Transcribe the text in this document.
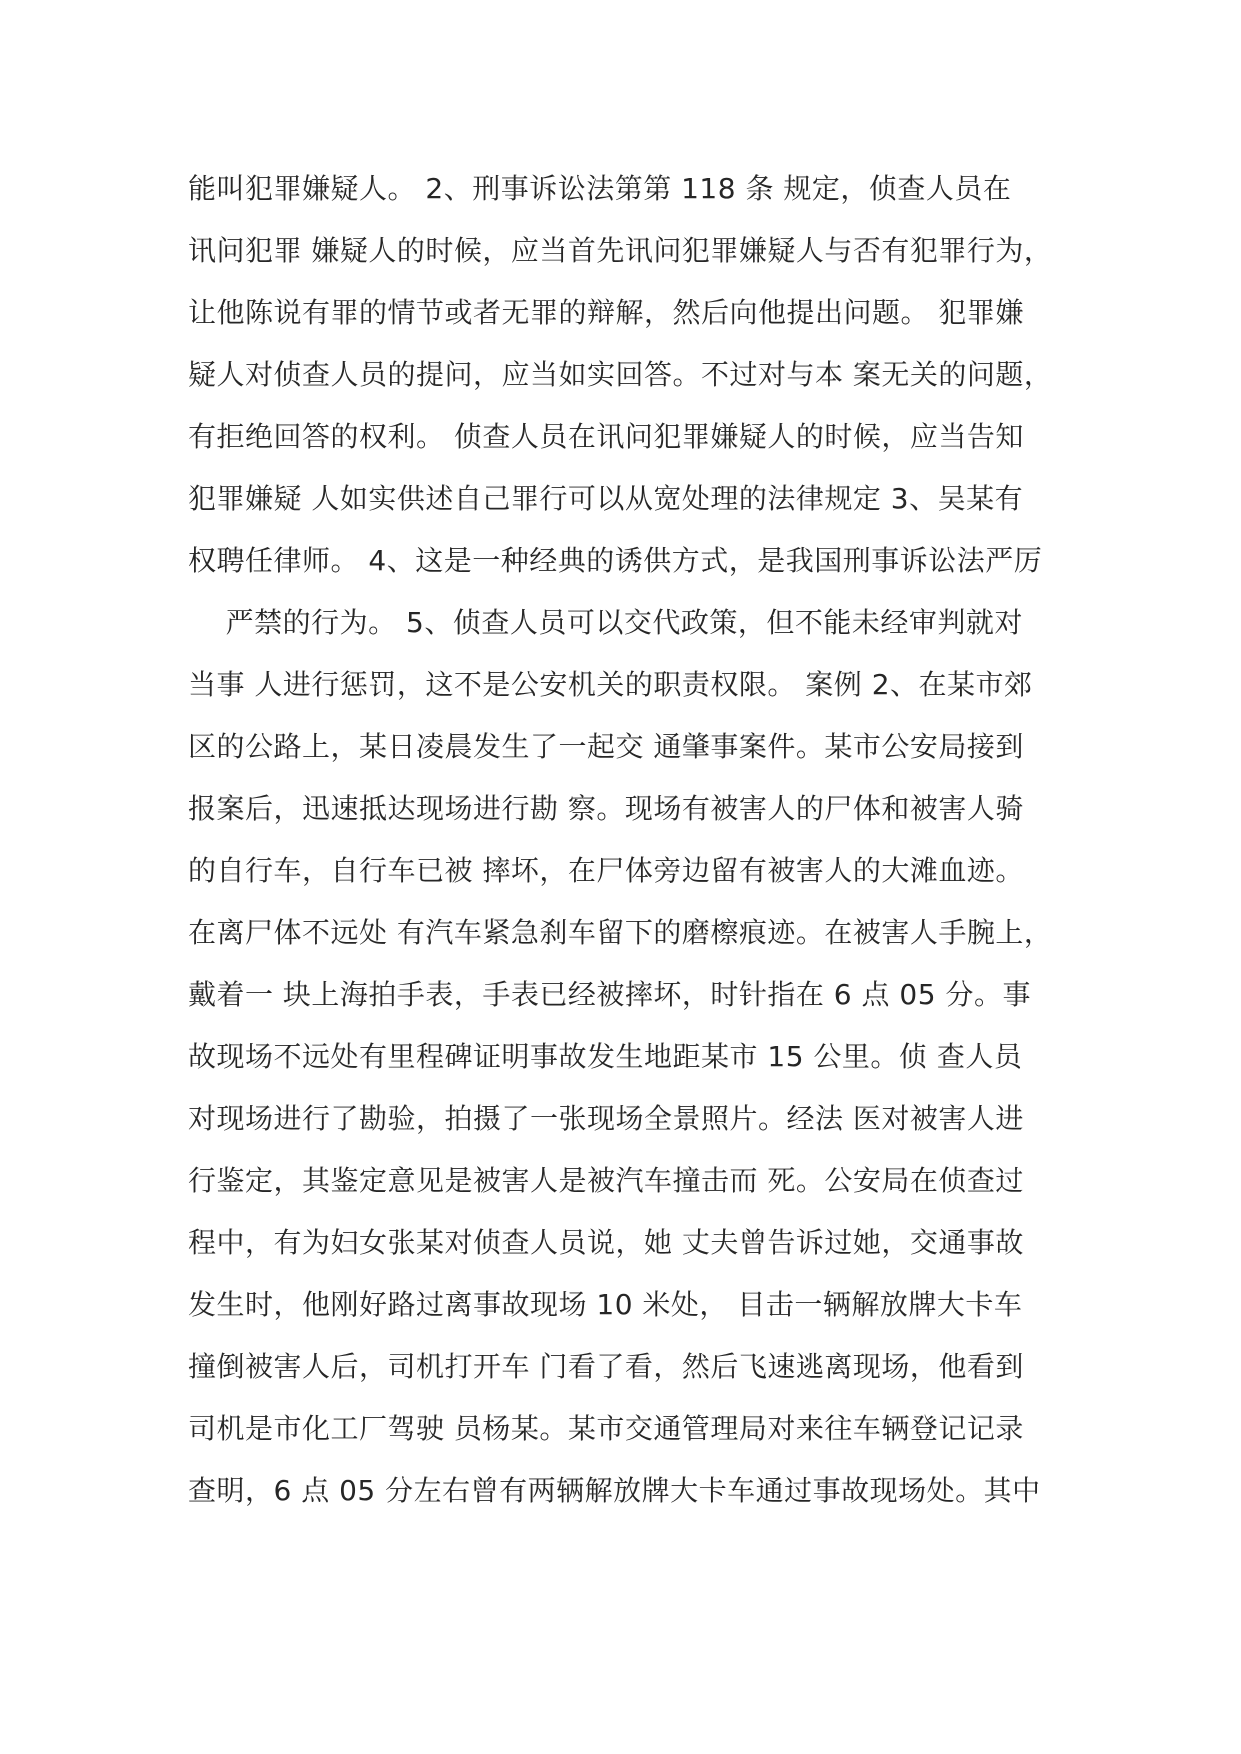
能叫犯罪嫌疑人。 2、刑事诉讼法第第 118 条 规定，侦查人员在
讯问犯罪 嫌疑人的时候，应当首先讯问犯罪嫌疑人与否有犯罪行为，
让他陈说有罪的情节或者无罪的辩解，然后向他提出问题。 犯罪嫌
疑人对侦查人员的提问，应当如实回答。不过对与本 案无关的问题，
有拒绝回答的权利。 侦查人员在讯问犯罪嫌疑人的时候，应当告知
犯罪嫌疑 人如实供述自己罪行可以从宽处理的法律规定 3、吴某有
权聘任律师。 4、这是一种经典的诱供方式，是我国刑事诉讼法严厉
严禁的行为。 5、侦查人员可以交代政策，但不能未经审判就对
当事 人进行惩罚，这不是公安机关的职责权限。 案例 2、在某市郊
区的公路上，某日凌晨发生了一起交 通肇事案件。某市公安局接到
报案后，迅速抵达现场进行勘 察。现场有被害人的尸体和被害人骑
的自行车，自行车已被 摔坏，在尸体旁边留有被害人的大滩血迹。
在离尸体不远处 有汽车紧急刹车留下的磨檫痕迹。在被害人手腕上，
戴着一 块上海拍手表，手表已经被摔坏，时针指在 6 点 05 分。事
故现场不远处有里程碑证明事故发生地距某市 15 公里。侦 查人员
对现场进行了勘验，拍摄了一张现场全景照片。经法 医对被害人进
行鉴定，其鉴定意见是被害人是被汽车撞击而 死。公安局在侦查过
程中，有为妇女张某对侦查人员说，她 丈夫曾告诉过她，交通事故
发生时，他刚好路过离事故现场 10 米处， 目击一辆解放牌大卡车
撞倒被害人后，司机打开车 门看了看，然后飞速逃离现场，他看到
司机是市化工厂驾驶 员杨某。某市交通管理局对来往车辆登记记录
查明，6 点 05 分左右曾有两辆解放牌大卡车通过事故现场处。其中
